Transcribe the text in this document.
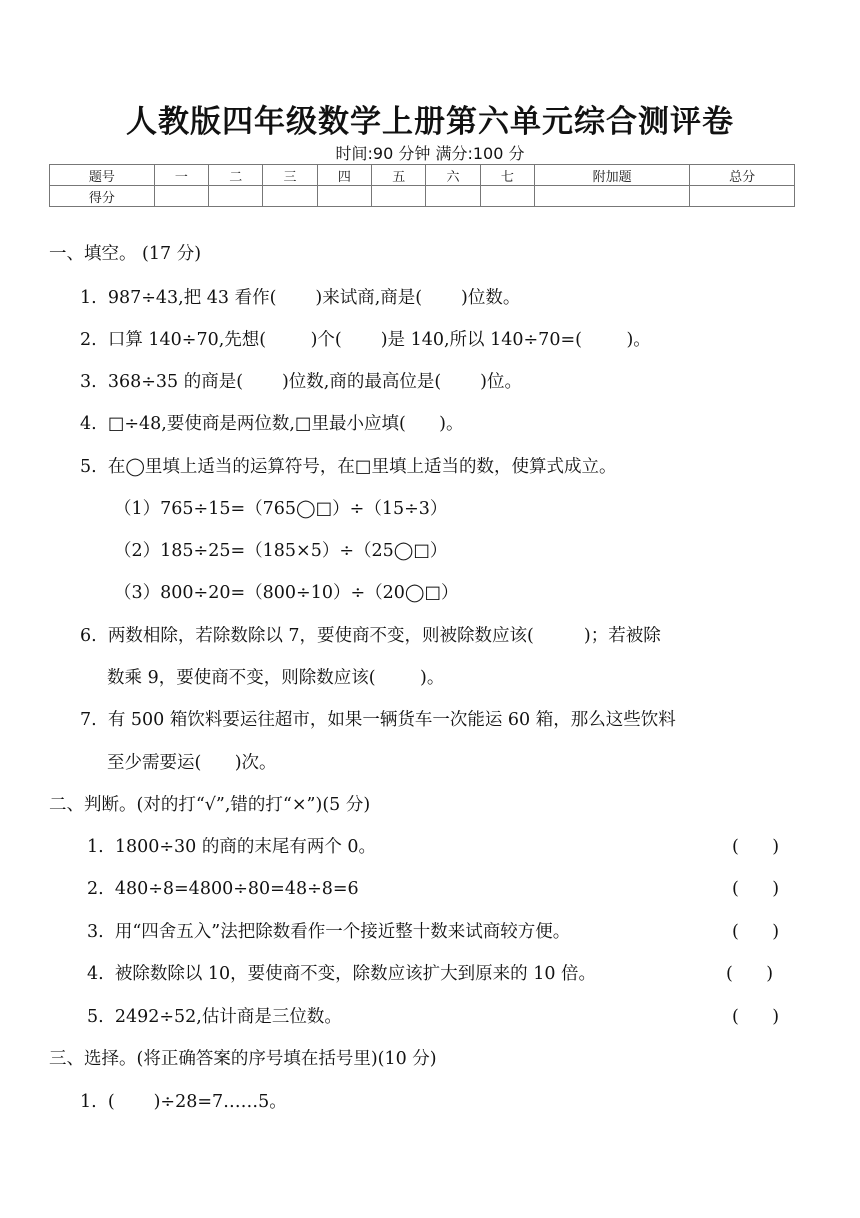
人教版四年级数学上册第六单元综合测评卷
时间:90 分钟 满分:100 分
题号	一	二	三	四	五	六	七	附加题	总分
得分									
一、填空。 (17 分)
1.  987÷43,把 43 看作(       )来试商,商是(       )位数。
2.  口算 140÷70,先想(        )个(       )是 140,所以 140÷70=(        )。
3.  368÷35 的商是(       )位数,商的最高位是(       )位。
4.  □÷48,要使商是两位数,□里最小应填(      )。
5.  在◯里填上适当的运算符号，在□里填上适当的数，使算式成立。
（1）765÷15=（765◯□）÷（15÷3）
（2）185÷25=（185×5）÷（25◯□）
（3）800÷20=（800÷10）÷（20◯□）
6.  两数相除，若除数除以 7，要使商不变，则被除数应该(         )；若被除
数乘 9，要使商不变，则除数应该(        )。
7.  有 500 箱饮料要运往超市，如果一辆货车一次能运 60 箱，那么这些饮料
至少需要运(      )次。
二、判断。(对的打“√”,错的打“×”)(5 分)
1.  1800÷30 的商的末尾有两个 0。	(      )
2.  480÷8=4800÷80=48÷8=6	(      )
3.  用“四舍五入”法把除数看作一个接近整十数来试商较方便。	(      )
4.  被除数除以 10，要使商不变，除数应该扩大到原来的 10 倍。	(      )
5.  2492÷52,估计商是三位数。	(      )
三、选择。(将正确答案的序号填在括号里)(10 分)
1.  (       )÷28=7……5。
